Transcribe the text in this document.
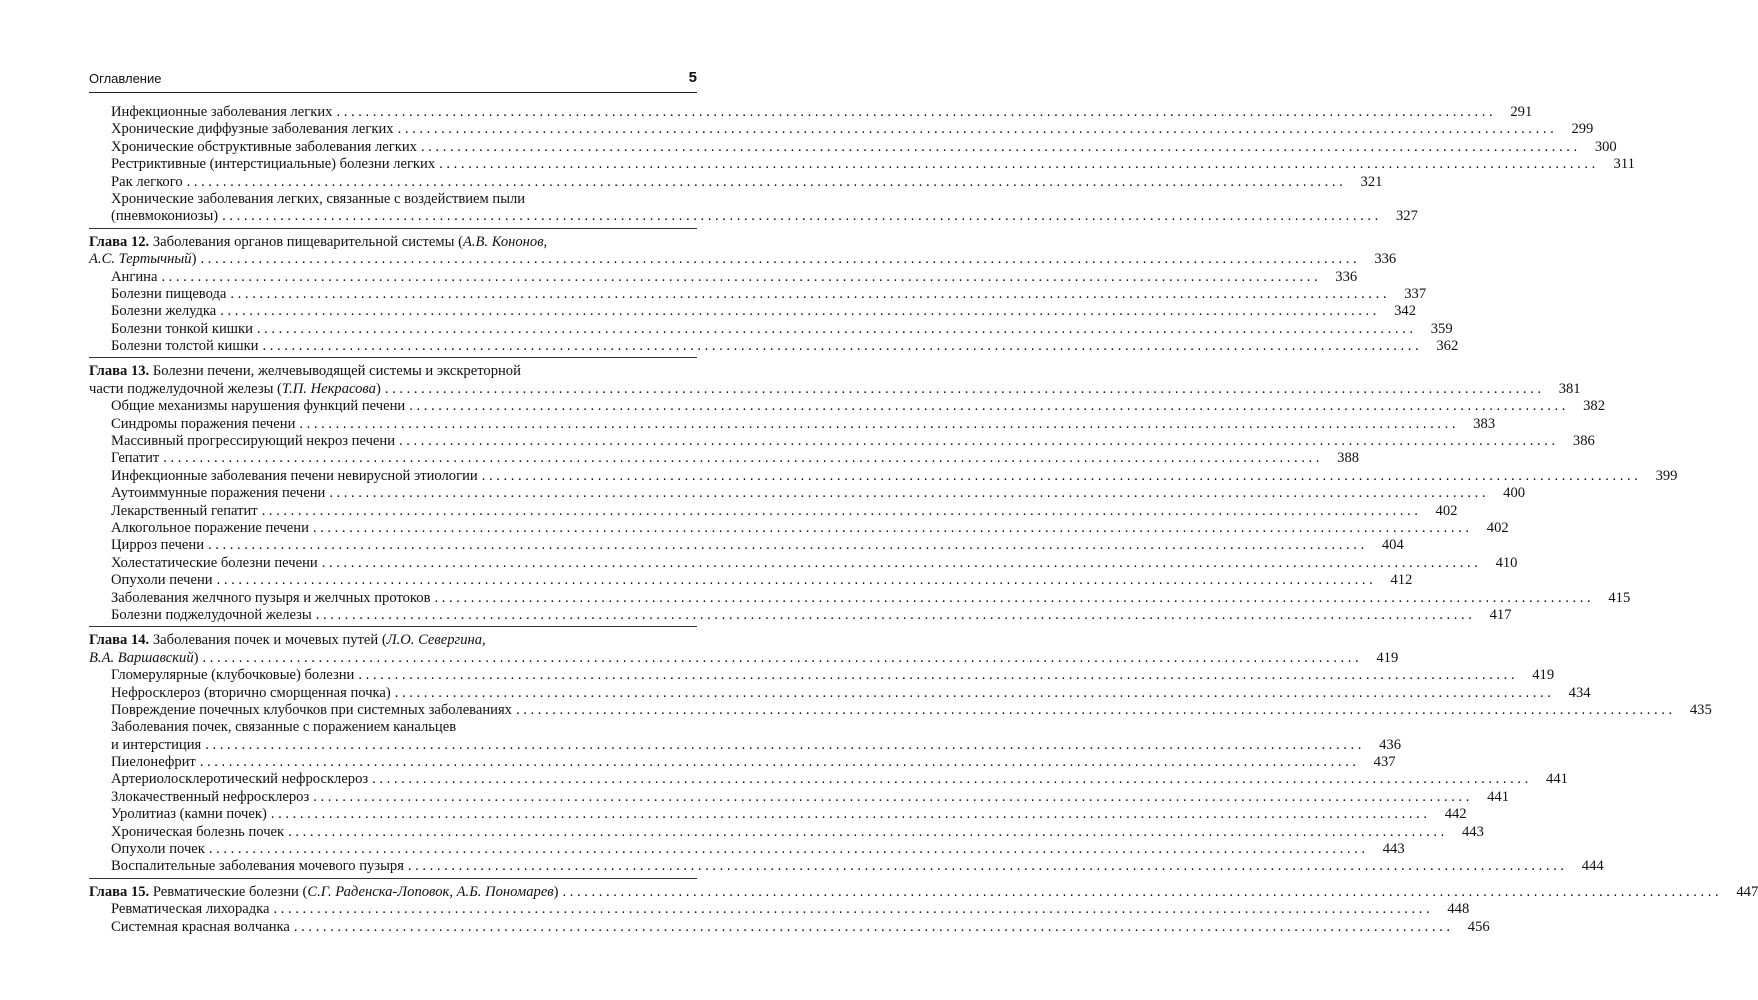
Оглавление	5
Инфекционные заболевания легких ................................................................................................................................................................ 291
Хронические диффузные заболевания легких ................................................................................................................................................................ 299
Хронические обструктивные заболевания легких ................................................................................................................................................................ 300
Рестриктивные (интерстициальные) болезни легких ................................................................................................................................................................	311
Рак легкого ................................................................................................................................................................ 321
Хронические заболевания легких, связанные с воздействием пыли
(пневмокониозы) ................................................................................................................................................................ 327
Глава 12. Заболевания органов пищеварительной системы (А.В. Кононов,
А.С. Тертычный) ................................................................................................................................................................ 336
Ангина ................................................................................................................................................................ 336
Болезни пищевода ................................................................................................................................................................ 337
Болезни желудка ................................................................................................................................................................ 342
Болезни тонкой кишки ................................................................................................................................................................ 359
Болезни толстой кишки ................................................................................................................................................................ 362
Глава 13. Болезни печени, желчевыводящей системы и экскреторной
части поджелудочной железы (Т.П. Некрасова) ................................................................................................................................................................ 381
Общие механизмы нарушения функций печени ................................................................................................................................................................ 382
Синдромы поражения печени ................................................................................................................................................................ 383
Массивный прогрессирующий некроз печени ................................................................................................................................................................ 386
Гепатит ................................................................................................................................................................ 388
Инфекционные заболевания печени невирусной этиологии ................................................................................................................................................................ 399
Аутоиммунные поражения печени ................................................................................................................................................................ 400
Лекарственный гепатит ................................................................................................................................................................ 402
Алкогольное поражение печени ................................................................................................................................................................ 402
Цирроз печени ................................................................................................................................................................ 404
Холестатические болезни печени ................................................................................................................................................................ 410
Опухоли печени ................................................................................................................................................................ 412
Заболевания желчного пузыря и желчных протоков ................................................................................................................................................................ 415
Болезни поджелудочной железы ................................................................................................................................................................ 417
Глава 14. Заболевания почек и мочевых путей (Л.О. Севергина,
В.А. Варшавский) ................................................................................................................................................................ 419
Гломерулярные (клубочковые) болезни ................................................................................................................................................................ 419
Нефросклероз (вторично сморщенная почка) ................................................................................................................................................................ 434
Повреждение почечных клубочков при системных заболеваниях ................................................................................................................................................................ 435
Заболевания почек, связанные с поражением канальцев
и интерстиция ................................................................................................................................................................ 436
Пиелонефрит ................................................................................................................................................................ 437
Артериолосклеротический нефросклероз ................................................................................................................................................................ 441
Злокачественный нефросклероз ................................................................................................................................................................ 441
Уролитиаз (камни почек) ................................................................................................................................................................ 442
Хроническая болезнь почек ................................................................................................................................................................ 443
Опухоли почек ................................................................................................................................................................ 443
Воспалительные заболевания мочевого пузыря ................................................................................................................................................................ 444
Глава 15. Ревматические болезни (С.Г. Раденска-Лоповок, А.Б. Пономарев) ................................................................................................................................................................ 447
Ревматическая лихорадка ................................................................................................................................................................ 448
Системная красная волчанка ................................................................................................................................................................ 456
